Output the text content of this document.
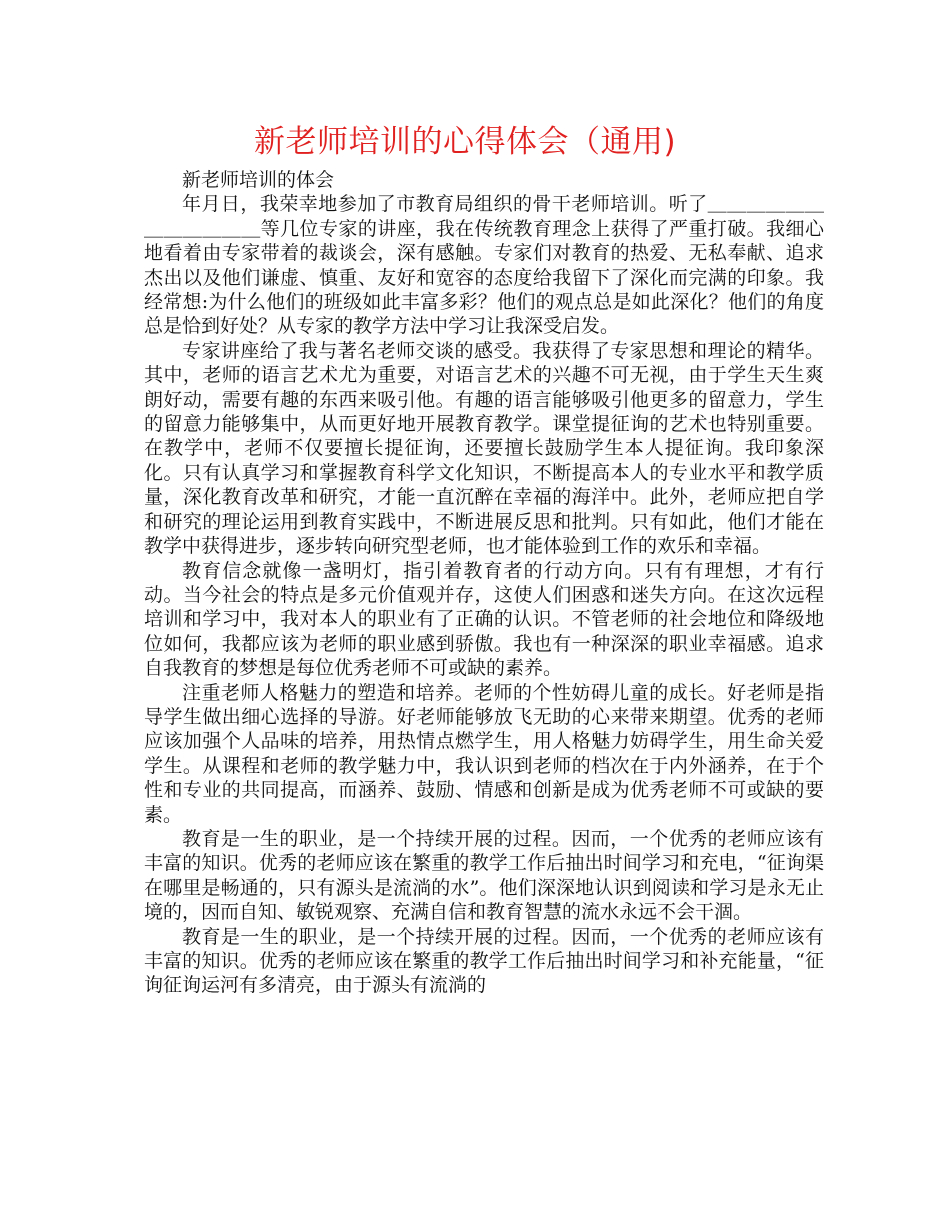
新老师培训的心得体会（通用)

新老师培训的体会

年月日，我荣幸地参加了市教育局组织的骨干老师培训。听了＿＿＿＿＿＿＿＿＿＿＿＿等几位专家的讲座，我在传统教育理念上获得了严重打破。我细心地看着由专家带着的裁谈会，深有感触。专家们对教育的热爱、无私奉献、追求杰出以及他们谦虚、慎重、友好和宽容的态度给我留下了深化而完满的印象。我经常想:为什么他们的班级如此丰富多彩？他们的观点总是如此深化？他们的角度总是恰到好处？从专家的教学方法中学习让我深受启发。

专家讲座给了我与著名老师交谈的感受。我获得了专家思想和理论的精华。其中，老师的语言艺术尤为重要，对语言艺术的兴趣不可无视，由于学生天生爽朗好动，需要有趣的东西来吸引他。有趣的语言能够吸引他更多的留意力，学生的留意力能够集中，从而更好地开展教育教学。课堂提征询的艺术也特别重要。在教学中，老师不仅要擅长提征询，还要擅长鼓励学生本人提征询。我印象深化。只有认真学习和掌握教育科学文化知识，不断提高本人的专业水平和教学质量，深化教育改革和研究，才能一直沉醉在幸福的海洋中。此外，老师应把自学和研究的理论运用到教育实践中，不断进展反思和批判。只有如此，他们才能在教学中获得进步，逐步转向研究型老师，也才能体验到工作的欢乐和幸福。

教育信念就像一盏明灯，指引着教育者的行动方向。只有有理想，才有行动。当今社会的特点是多元价值观并存，这使人们困惑和迷失方向。在这次远程培训和学习中，我对本人的职业有了正确的认识。不管老师的社会地位和降级地位如何，我都应该为老师的职业感到骄傲。我也有一种深深的职业幸福感。追求自我教育的梦想是每位优秀老师不可或缺的素养。

注重老师人格魅力的塑造和培养。老师的个性妨碍儿童的成长。好老师是指导学生做出细心选择的导游。好老师能够放飞无助的心来带来期望。优秀的老师应该加强个人品味的培养，用热情点燃学生，用人格魅力妨碍学生，用生命关爱学生。从课程和老师的教学魅力中，我认识到老师的档次在于内外涵养，在于个性和专业的共同提高，而涵养、鼓励、情感和创新是成为优秀老师不可或缺的要素。

教育是一生的职业，是一个持续开展的过程。因而，一个优秀的老师应该有丰富的知识。优秀的老师应该在繁重的教学工作后抽出时间学习和充电，“征询渠在哪里是畅通的，只有源头是流淌的水”。他们深深地认识到阅读和学习是永无止境的，因而自知、敏锐观察、充满自信和教育智慧的流水永远不会干涸。

教育是一生的职业，是一个持续开展的过程。因而，一个优秀的老师应该有丰富的知识。优秀的老师应该在繁重的教学工作后抽出时间学习和补充能量，“征询征询运河有多清亮，由于源头有流淌的
